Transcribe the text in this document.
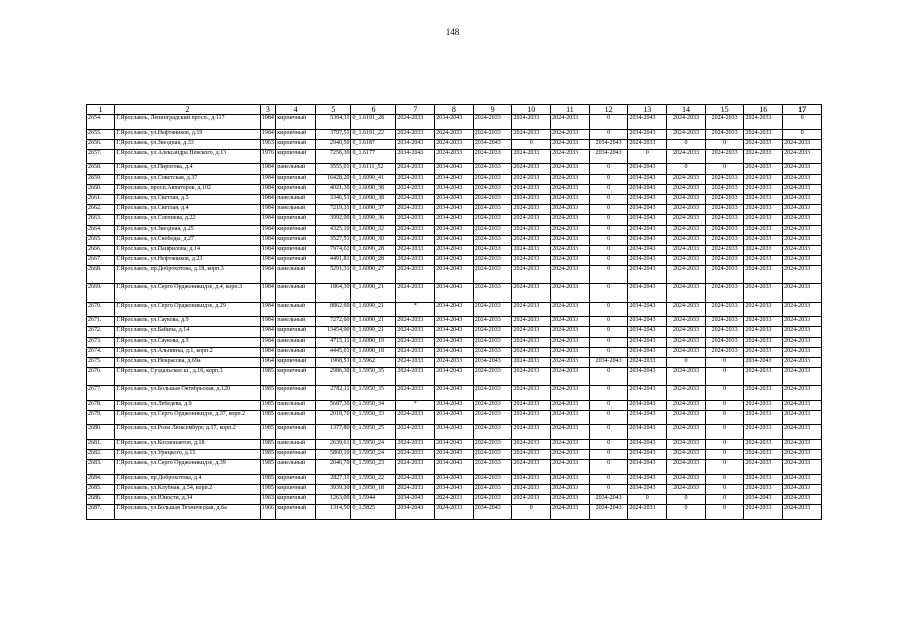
148
1	2	3	4	5	6	7	8	9	10	11	12	13	14	15	16	17
2654.	Г.Ярославль, Ленинградский просп., д.117	1984	кирпичный	5364,11	0_1.6191_28	2024-2033	2034-2043	2024-2033	2024-2033	2024-2033	0	2034-2043	2024-2033	2024-2033	2024-2033	0
2655.	Г.Ярославль, ул.Нефтяников, д.19	1984	кирпичный	3797,51	0_1.6191_22	2024-2033	2024-2033	2024-2033	2024-2033	2024-2033	0	2034-2043	2024-2033	2024-2033	2024-2033	0
2656.	Г.Ярославль, ул.Звездная, д.33	1963	кирпичный	2940,50	0_1.6187	2034-2043	2024-2033	2034-2043	0	2024-2033	2034-2043	2024-2033	0	0	2024-2033	2024-2033
2657.	Г.Ярославль, ул.Александра Невского, д.13	1976	кирпичный	7256,30	0_1.6177	2034-2043	2024-2033	2024-2033	2024-2033	2024-2033	2034-2043	0	2024-2033	2024-2033	2024-2033	2024-2033
2658.	Г.Ярославль, ул.Пирогова, д.4	1984	панельный	3555,01	0_1.6111_52	2024-2033	2034-2043	2024-2033	2024-2033	2024-2033	0	2034-2043	0	0	2024-2033	2024-2033
2659.	Г.Ярославль, ул.Советская, д.37	1984	кирпичный	16428,20	0_1.6090_41	2024-2033	2034-2043	2024-2033	2024-2033	2024-2033	0	2034-2043	2024-2033	2024-2033	2024-2033	2024-2033
2660.	Г.Ярославль, просп.Авиаторов, д.102	1984	кирпичный	4021,30	0_1.6090_38	2024-2033	2034-2043	2024-2033	2024-2033	2024-2033	0	2034-2043	2024-2033	2024-2033	2024-2033	2024-2033
2661.	Г.Ярославль, ул.Светлая, д.5	1984	панельный	3346,51	0_1.6090_38	2024-2033	2034-2043	2024-2033	2024-2033	2024-2033	0	2034-2043	2024-2033	2024-2033	2024-2033	2024-2033
2662.	Г.Ярославль, ул.Светлая, д.4	1984	панельный	7219,31	0_1.6090_37	2024-2033	2034-2043	2024-2033	2024-2033	2024-2033	0	2034-2043	2024-2033	2024-2033	2024-2033	2024-2033
2663.	Г.Ярославль, ул.Слепнева, д.22	1984	кирпичный	3992,00	0_1.6090_36	2024-2033	2034-2043	2024-2033	2024-2033	2024-2033	0	2034-2043	2024-2033	2024-2033	2024-2033	2024-2033
2664.	Г.Ярославль, ул.Звездная, д.25	1984	кирпичный	4325,10	0_1.6090_32	2024-2033	2034-2043	2024-2033	2024-2033	2024-2033	0	2034-2043	2024-2033	2024-2033	2024-2033	2024-2033
2665.	Г.Ярославль, ул.Свободы, д.27	1984	кирпичный	3527,51	0_1.6090_30	2024-2033	2034-2043	2024-2033	2024-2033	2024-2033	0	2034-2043	2024-2033	2024-2033	2024-2033	2024-2033
2666.	Г.Ярославль, ул.Панфилова, д.14	1984	кирпичный	7974,61	0_1.6090_28	2024-2033	2034-2043	2024-2033	2024-2033	2024-2033	0	2034-2043	2024-2033	2024-2033	2024-2033	2024-2033
2667.	Г.Ярославль, ул.Нефтяников, д.23	1984	кирпичный	4491,81	0_1.6090_28	2024-2033	2034-2043	2024-2033	2024-2033	2024-2033	0	2034-2043	2024-2033	2024-2033	2024-2033	2024-2033
2668.	Г.Ярославль, пр.Доброхотова, д.18, корп.3	1984	панельный	5291,31	0_1.6090_27	2024-2033	2034-2043	2024-2033	2024-2033	2024-2033	0	2034-2043	2024-2033	2024-2033	2024-2033	2024-2033
2669.	Г.Ярославль, ул.Серго Орджоникидзе, д.4, корп.3	1984	панельный	1864,30	0_1.6090_21	2024-2033	2034-2043	2024-2033	2024-2033	2024-2033	0	2034-2043	2024-2033	2024-2033	2024-2033	2024-2033
2670.	Г.Ярославль, ул.Серго Орджоникидзе, д.29	1984	панельный	8862,60	0_1.6090_21	*	2034-2043	2024-2033	2024-2033	2024-2033	0	2034-2043	2024-2033	2024-2033	2024-2033	2024-2033
2671.	Г.Ярославль, ул.Саукова, д.9	1984	панельный	7272,60	0_1.6090_21	2024-2033	2034-2043	2024-2033	2024-2033	2024-2033	0	2034-2043	2024-2033	2024-2033	2024-2033	2024-2033
2672.	Г.Ярославль, ул.Бабича, д.14	1984	кирпичный	13454,90	0_1.6090_21	2024-2033	2034-2043	2024-2033	2024-2033	2024-2033	0	2034-2043	2024-2033	2024-2033	2024-2033	2024-2033
2673.	Г.Ярославль, ул.Саукова, д.3	1984	панельный	4715,11	0_1.6090_19	2024-2033	2034-2043	2024-2033	2024-2033	2024-2033	0	2034-2043	2024-2033	2024-2033	2024-2033	2024-2033
2674.	Г.Ярославль, ул.Альпинка, д.1, корп.2	1984	панельный	4445,61	0_1.6090_18	2024-2033	2034-2043	2024-2033	2024-2033	2024-2033	0	2034-2043	2024-2033	2024-2033	2024-2033	2024-2033
2675.	Г.Ярославль, ул.Некрасова, д.69а	1964	кирпичный	1968,51	0_1.5962	2024-2033	2024-2033	2034-2043	2024-2033	2024-2033	2034-2043	2024-2033	0	0	2034-2043	2024-2033
2676.	Г.Ярославль, Суздальское ш., д.16, корп.3	1985	кирпичный	2986,30	0_1.5950_35	2024-2033	2034-2043	2024-2033	2024-2033	2024-2033	0	2034-2043	2024-2033	0	2024-2033	2024-2033
2677.	Г.Ярославль, ул.Большая Октябрьская, д.120	1985	кирпичный	2782,11	0_1.5950_35	2024-2033	2034-2043	2024-2033	2024-2033	2024-2033	0	2034-2043	2024-2033	0	2024-2033	2024-2033
2678.	Г.Ярославль, ул.Лебедева, д.9	1985	панельный	5687,30	0_1.5950_34	*	2034-2043	2024-2033	2024-2033	2024-2033	0	2034-2043	2024-2033	0	2024-2033	2024-2033
2679.	Г.Ярославль, ул.Серго Орджоникидзе, д.37, корп.2	1985	панельный	2018,70	0_1.5950_33	2024-2033	2034-2043	2024-2033	2024-2033	2024-2033	0	2034-2043	2024-2033	0	2024-2033	2024-2033
2680.	Г.Ярославль, ул.Розы Люксембург, д.17, корп.2	1985	кирпичный	1377,80	0_1.5950_25	2024-2033	2034-2043	2024-2033	2024-2033	2024-2033	0	2034-2043	2024-2033	0	2024-2033	2024-2033
2681.	Г.Ярославль, ул.Космонавтов, д.18	1985	панельный	2639,61	0_1.5950_24	2024-2033	2034-2043	2024-2033	2024-2033	2024-2033	0	2034-2043	2024-2033	0	2024-2033	2024-2033
2682.	Г.Ярославль, ул.Урицкого, д.15	1985	кирпичный	5860,10	0_1.5950_24	2024-2033	2034-2043	2024-2033	2024-2033	2024-2033	0	2034-2043	2024-2033	0	2024-2033	2024-2033
2683.	Г.Ярославль, ул.Серго Орджоникидзе, д.39	1985	панельный	2046,70	0_1.5950_23	2024-2033	2034-2043	2024-2033	2024-2033	2024-2033	0	2034-2043	2024-2033	0	2024-2033	2024-2033
2684.	Г.Ярославль, пр.Доброхотова, д.4	1985	кирпичный	2827,11	0_1.5950_22	2024-2033	2034-2043	2024-2033	2024-2033	2024-2033	0	2034-2043	2024-2033	0	2024-2033	2024-2033
2685.	Г.Ярославль, ул.Клубная, д.54, корп.2	1985	кирпичный	3939,30	0_1.5950_18	2024-2033	2034-2043	2024-2033	2024-2033	2024-2033	0	2034-2043	2024-2033	0	2024-2033	2024-2033
2686.	Г.Ярославль, ул.Юности, д.34	1963	кирпичный	1263,00	0_1.5944	2034-2043	2024-2033	2024-2033	2024-2033	2024-2033	2034-2043	0	0	0	2034-2043	2024-2033
2687.	Г.Ярославль, ул.Большая Техническая, д.6а	1966	кирпичный	1314,50	0_1.5825	2034-2043	2024-2033	2034-2043	0	2024-2033	2034-2043	2024-2033	0	0	2024-2033	2024-2033
